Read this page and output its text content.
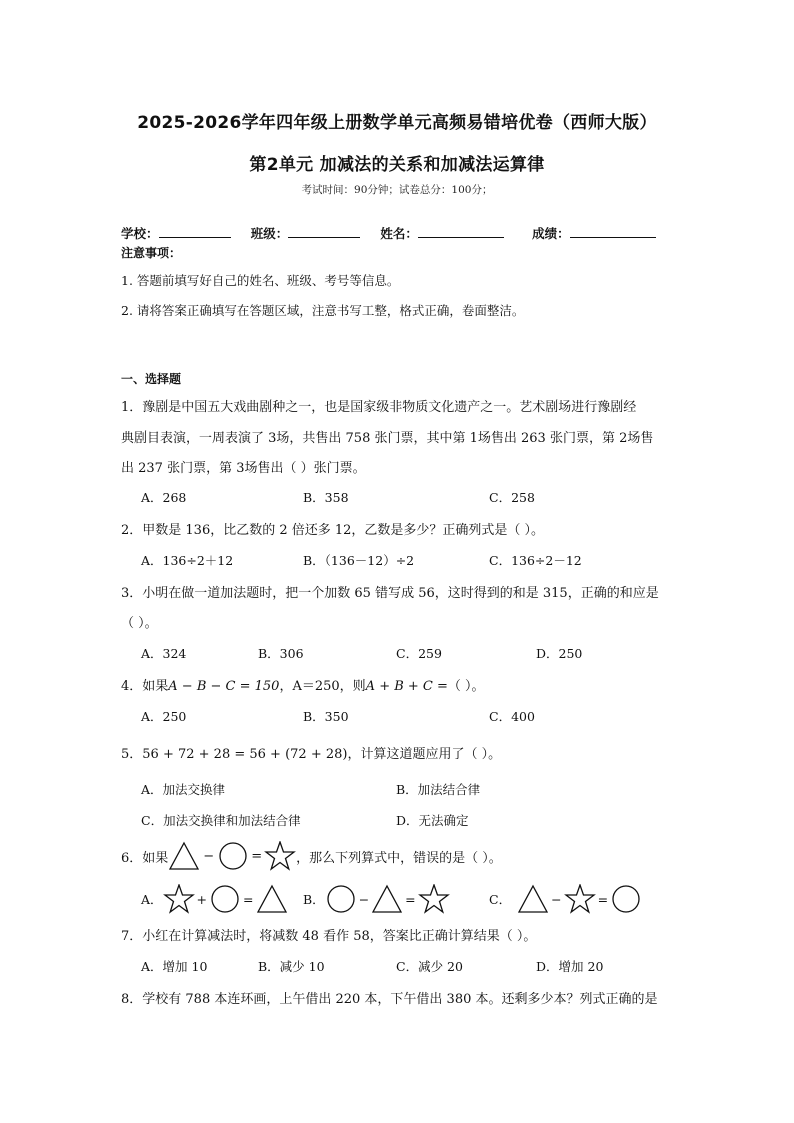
2025-2026学年四年级上册数学单元高频易错培优卷（西师大版）
第2单元 加减法的关系和加减法运算律
考试时间：90分钟；试卷总分：100分；
学校：	班级：	姓名：	成绩：
注意事项：
1. 答题前填写好自己的姓名、班级、考号等信息。
2. 请将答案正确填写在答题区域，注意书写工整，格式正确，卷面整洁。
一、选择题
1．豫剧是中国五大戏曲剧种之一，也是国家级非物质文化遗产之一。艺术剧场进行豫剧经
典剧目表演，一周表演了 3场，共售出 758 张门票，其中第 1场售出 263 张门票，第 2场售
出 237 张门票，第 3场售出（ ）张门票。
A．268	B．358	C．258
2．甲数是 136，比乙数的 2 倍还多 12，乙数是多少？正确列式是（ ）。
A．136÷2＋12	B．（136－12）÷2	C．136÷2－12
3．小明在做一道加法题时，把一个加数 65 错写成 56，这时得到的和是 315，正确的和应是
（ ）。
A．324	B．306	C．259	D．250
4．如果A − B − C = 150，A＝250，则A + B + C =（ ）。
A．250	B．350	C．400
5．56 + 72 + 28 = 56 + (72 + 28)，计算这道题应用了（ ）。
A．加法交换律	B．加法结合律
C．加法交换律和加法结合律	D．无法确定
6．如果	−	=	，那么下列算式中，错误的是（ ）。
A．	+	=	B．	−	=	C．	−	=
7．小红在计算减法时，将减数 48 看作 58，答案比正确计算结果（ ）。
A．增加 10	B．减少 10	C．减少 20	D．增加 20
8．学校有 788 本连环画，上午借出 220 本，下午借出 380 本。还剩多少本？列式正确的是
